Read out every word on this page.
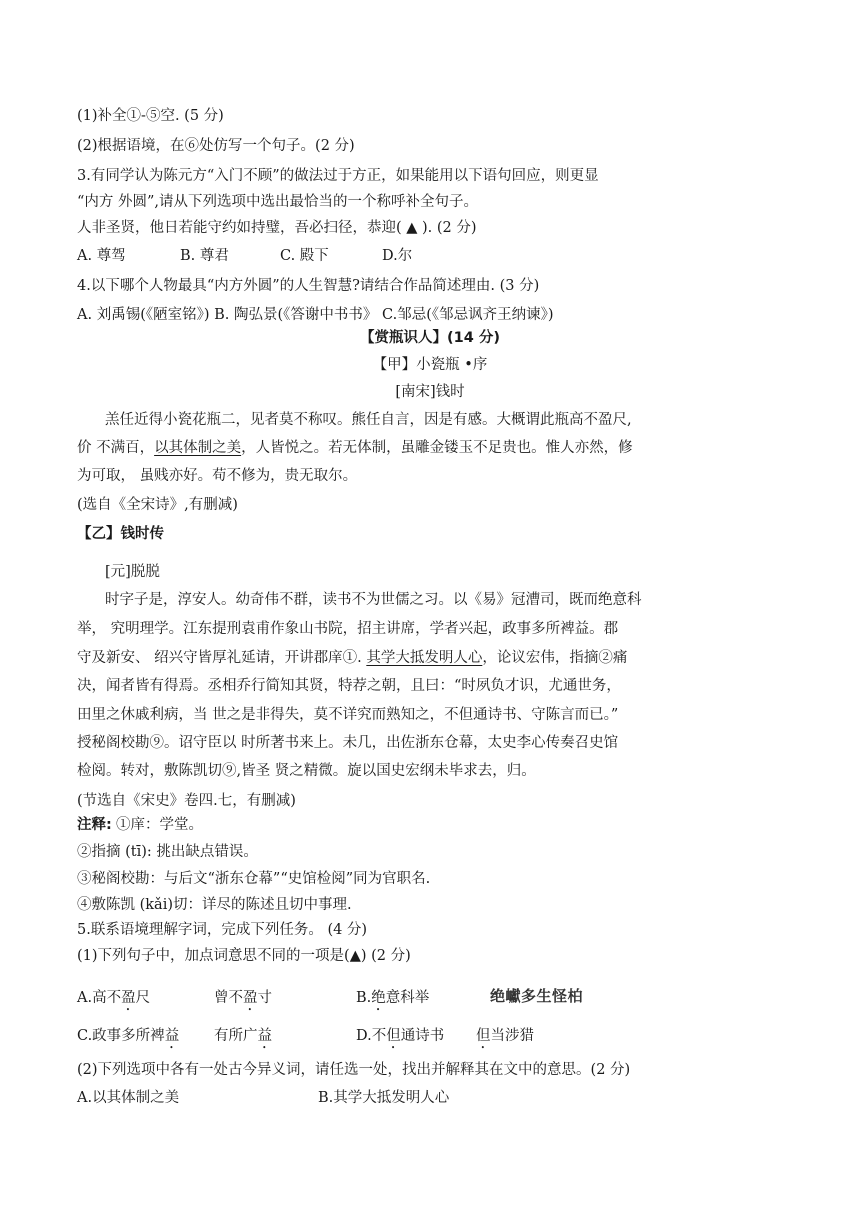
(1)补全①-⑤空. (5 分)
(2)根据语境，在⑥处仿写一个句子。(2 分)
3.有同学认为陈元方“入门不顾”的做法过于方正，如果能用以下语句回应，则更显
“内方 外圆”,请从下列选项中选出最恰当的一个称呼补全句子。
人非圣贤，他日若能守约如持璧，吾必扫径，恭迎( ▲ ). (2 分)
A. 尊驾	B. 尊君	C. 殿下	D.尔
4.以下哪个人物最具“内方外圆”的人生智慧?请结合作品简述理由. (3 分)
A. 刘禹锡(《陋室铭》) B. 陶弘景(《答谢中书书》 C.邹忌(《邹忌讽齐王纳谏》)
【赏瓶识人】(14 分)
【甲】小瓷瓶 •序
[南宋]钱时
羔任近得小瓷花瓶二，见者莫不称叹。熊任自言，因是有感。大概谓此瓶高不盈尺,
价 不满百，以其体制之美，人皆悦之。若无体制，虽雕金镂玉不足贵也。惟人亦然，修
为可取， 虽贱亦好。苟不修为，贵无取尔。
(选自《全宋诗》,有删减)
【乙】钱时传
[元]脱脱
时字子是，淳安人。幼奇伟不群，读书不为世儒之习。以《易》冠漕司，既而绝意科
举， 究明理学。江东提刑袁甫作象山书院，招主讲席，学者兴起，政事多所裨益。郡
守及新安、 绍兴守皆厚礼延请，开讲郡庠①. 其学大抵发明人心，论议宏伟，指摘②痛
决，闻者皆有得焉。丞相乔行简知其贤，特荐之朝，且曰：“时夙负才识，尤通世务，
田里之休戚利病，当 世之是非得失，莫不详究而熟知之，不但通诗书、守陈言而已。”
授秘阁校勘⑨。诏守臣以 时所著书来上。未几，出佐浙东仓幕，太史李心传奏召史馆
检阅。转对，敷陈凯切⑨,皆圣 贤之精微。旋以国史宏纲未毕求去，归。
(节选自《宋史》卷四.七，有删减)
注释: ①庠：学堂。
②指摘 (tī): 挑出缺点错误。
③秘阁校勘：与后文“浙东仓幕”“史馆检阅”同为官职名.
④敷陈凯 (kǎi)切：详尽的陈述且切中事理.
5.联系语境理解字词，完成下列任务。 (4 分)
(1)下列句子中，加点词意思不同的一项是(▲) (2 分)
A.高不盈尺	曾不盈寸	B.绝意科举	绝巘多生怪柏
C.政事多所裨益 有所广益	D.不但通诗书 但当涉猎
(2)下列选项中各有一处古今异义词，请任选一处，找出并解释其在文中的意思。(2 分)
A.以其体制之美	B.其学大抵发明人心
